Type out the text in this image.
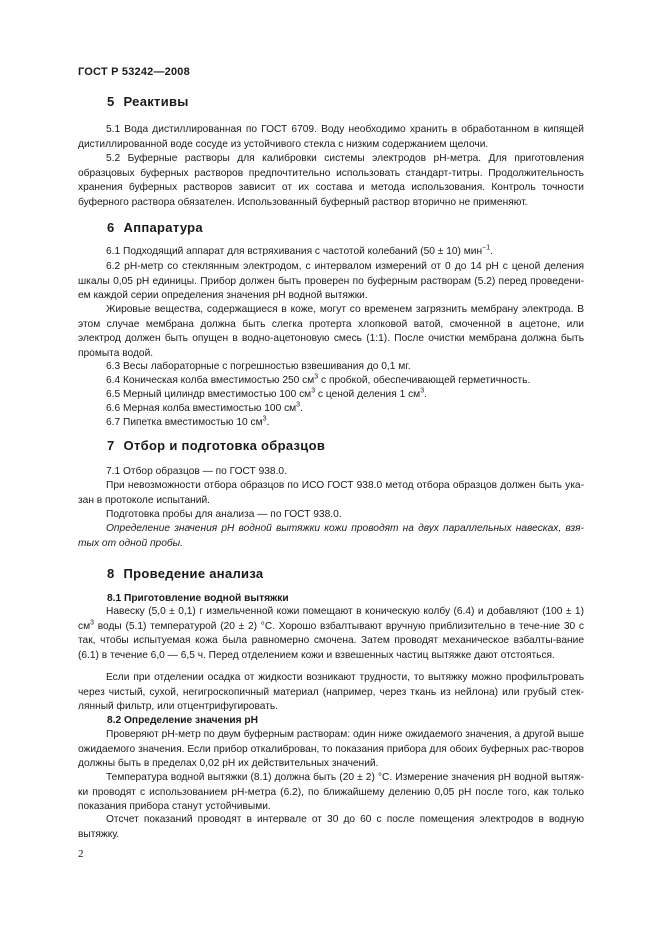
ГОСТ Р 53242—2008
5 Реактивы

5.1 Вода дистиллированная по ГОСТ 6709. Воду необходимо хранить в обработанном в кипящей дистиллированной воде сосуде из устойчивого стекла с низким содержанием щелочи.

5.2 Буферные растворы для калибровки системы электродов рН-метра. Для приготовления образцовых буферных растворов предпочтительно использовать стандарт-титры. Продолжительность хранения буферных растворов зависит от их состава и метода использования. Контроль точности буферного раствора обязателен. Использованный буферный раствор вторично не применяют.

6 Аппаратура

6.1 Подходящий аппарат для встряхивания с частотой колебаний (50 ± 10) мин$^{-1}$.

6.2 рН-метр со стеклянным электродом, с интервалом измерений от 0 до 14 рН с ценой деления шкалы 0,05 рН единицы. Прибор должен быть проверен по буферным растворам (5.2) перед проведени-ем каждой серии определения значения рН водной вытяжки.

Жировые вещества, содержащиеся в коже, могут со временем загрязнить мембрану электрода. В этом случае мембрана должна быть слегка протерта хлопковой ватой, смоченной в ацетоне, или электрод должен быть опущен в водно-ацетоновую смесь (1:1). После очистки мембрана должна быть промыта водой.

6.3 Весы лабораторные с погрешностью взвешивания до 0,1 мг.

6.4 Коническая колба вместимостью 250 $см^3$ с пробкой, обеспечивающей герметичность.

6.5 Мерный цилиндр вместимостью 100 $см^3$ с ценой деления 1 $см^3$.

6.6 Мерная колба вместимостью 100 $см^3$.

6.7 Пипетка вместимостью 10 $см^3$.

7 Отбор и подготовка образцов

7.1 Отбор образцов — по ГОСТ 938.0.

При невозможности отбора образцов по ИСО ГОСТ 938.0 метод отбора образцов должен быть ука-зан в протоколе испытаний.

Подготовка пробы для анализа — по ГОСТ 938.0.

Определение значения рН водной вытяжки кожи проводят на двух параллельных навесках, взя-тых от одной пробы.

8 Проведение анализа
8.1 Приготовление водной вытяжки

Навеску (5,0 ± 0,1) г измельченной кожи помещают в коническую колбу (6.4) и добавляют (100 ± 1) $см^3$ воды (5.1) температурой (20 ± 2) °С. Хорошо взбалтывают вручную приблизительно в тече-ние 30 с так, чтобы испытуемая кожа была равномерно смочена. Затем проводят механическое взбалты-вание (6.1) в течение 6,0 — 6,5 ч. Перед отделением кожи и взвешенных частиц вытяжке дают отстояться.

Если при отделении осадка от жидкости возникают трудности, то вытяжку можно профильтровать через чистый, сухой, негигроскопичный материал (например, через ткань из нейлона) или грубый стек-лянный фильтр, или отцентрифугировать.

8.2 Определение значения рН

Проверяют рН-метр по двум буферным растворам: один ниже ожидаемого значения, а другой выше ожидаемого значения. Если прибор откалиброван, то показания прибора для обоих буферных рас-творов должны быть в пределах 0,02 рН их действительных значений.

Температура водной вытяжки (8.1) должна быть (20 ± 2) °С. Измерение значения рН водной вытяж-ки проводят с использованием рН-метра (6.2), по ближайшему делению 0,05 рН после того, как только показания прибора станут устойчивыми.

Отсчет показаний проводят в интервале от 30 до 60 с после помещения электродов в водную вытяжку.

2
